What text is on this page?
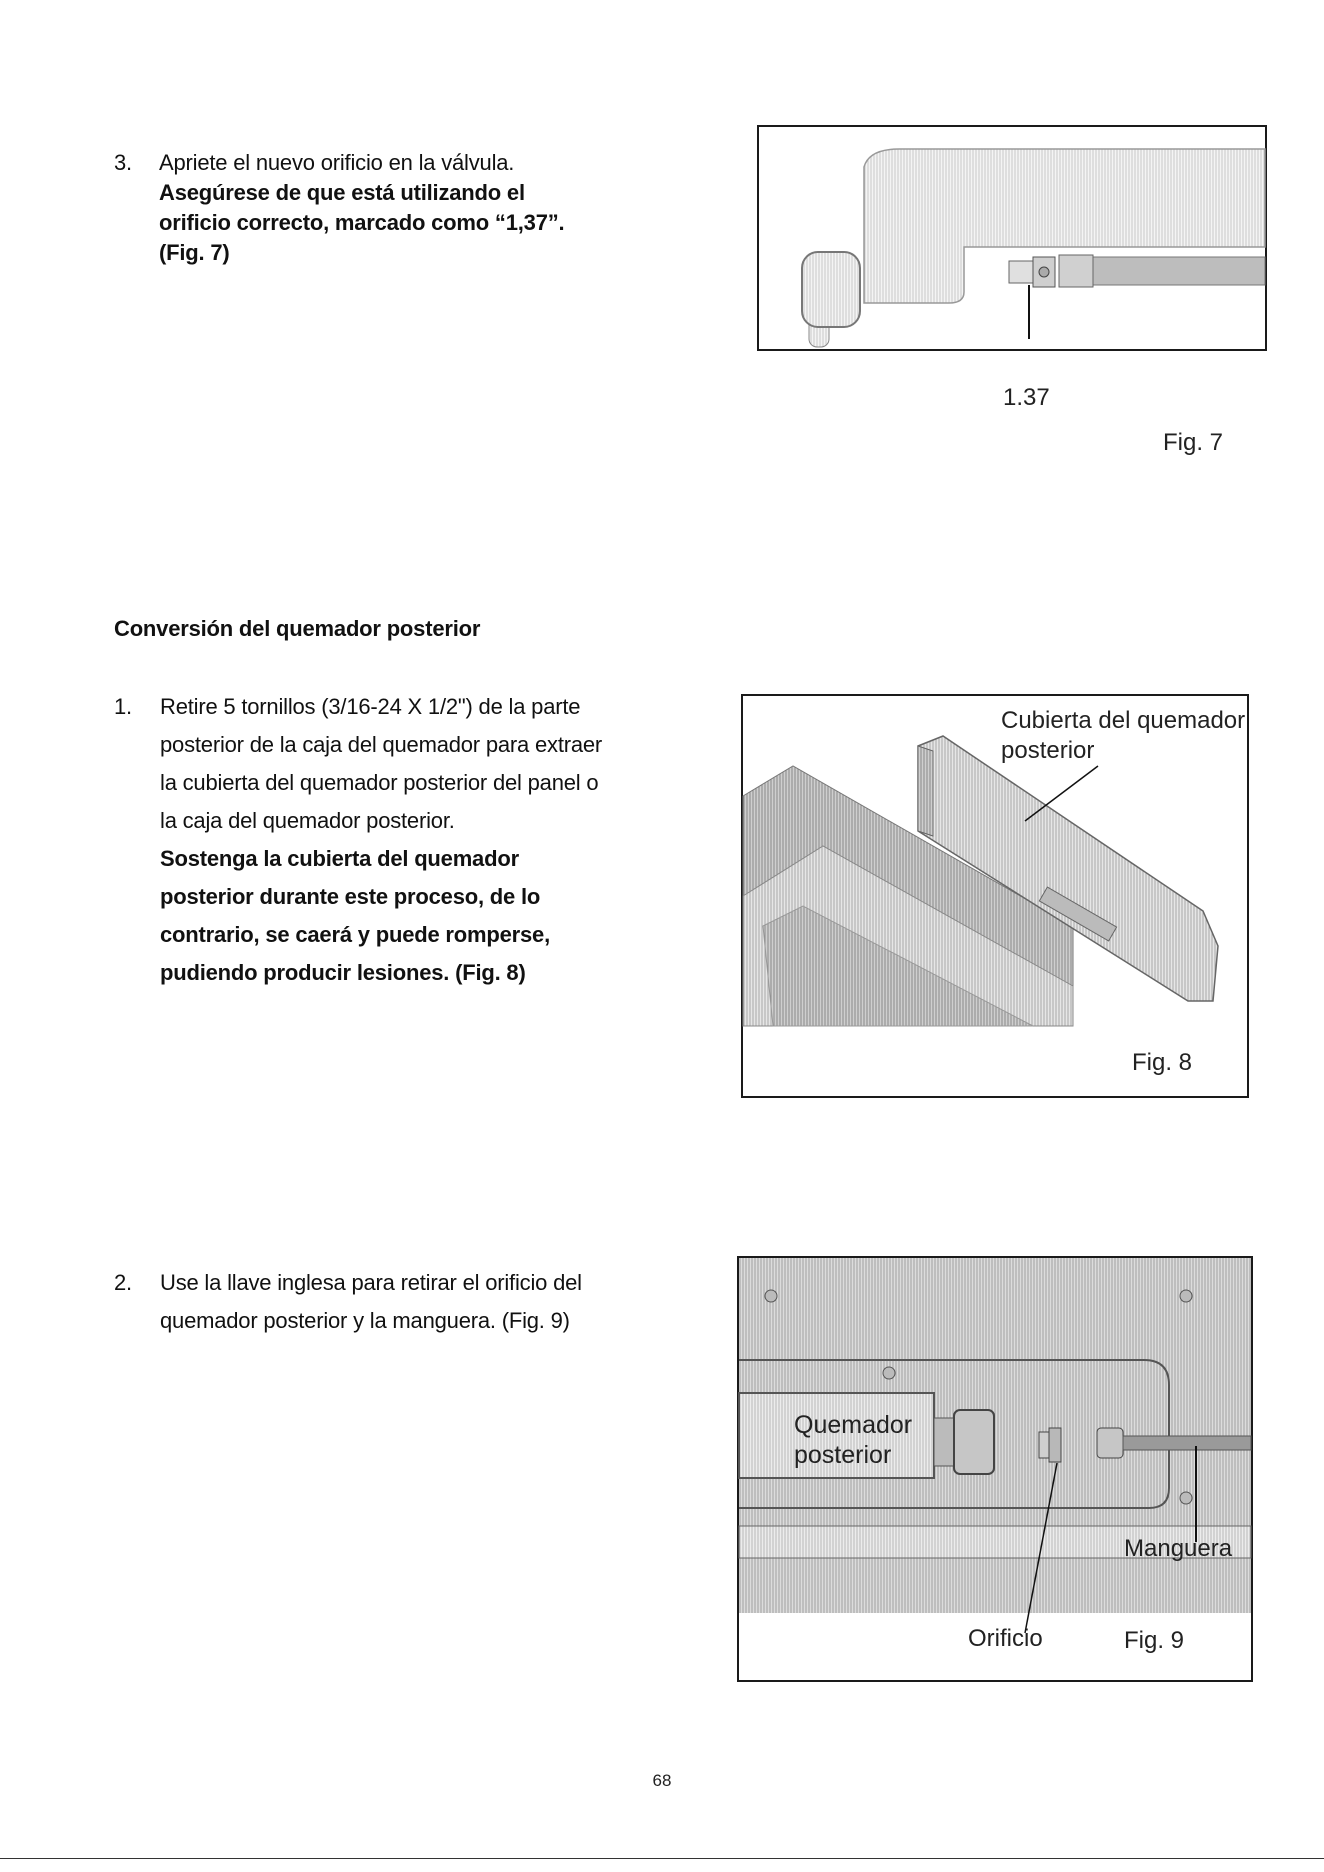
3. Apriete el nuevo orificio en la válvula.
Asegúrese de que está utilizando el
orificio correcto, marcado como “1,37”.
(Fig. 7)
1.37
Fig. 7
Conversión del quemador posterior
1. Retire 5 tornillos (3/16-24 X 1/2") de la parte
posterior de la caja del quemador para extraer
la cubierta del quemador posterior del panel o
la caja del quemador posterior.
Sostenga la cubierta del quemador
posterior durante este proceso, de lo
contrario, se caerá y puede romperse,
pudiendo producir lesiones. (Fig. 8)
Cubierta del quemador
posterior
Fig. 8
2. Use la llave inglesa para retirar el orificio del
quemador posterior y la manguera. (Fig. 9)
Quemador
posterior
Manguera
Orificio	Fig. 9
68
